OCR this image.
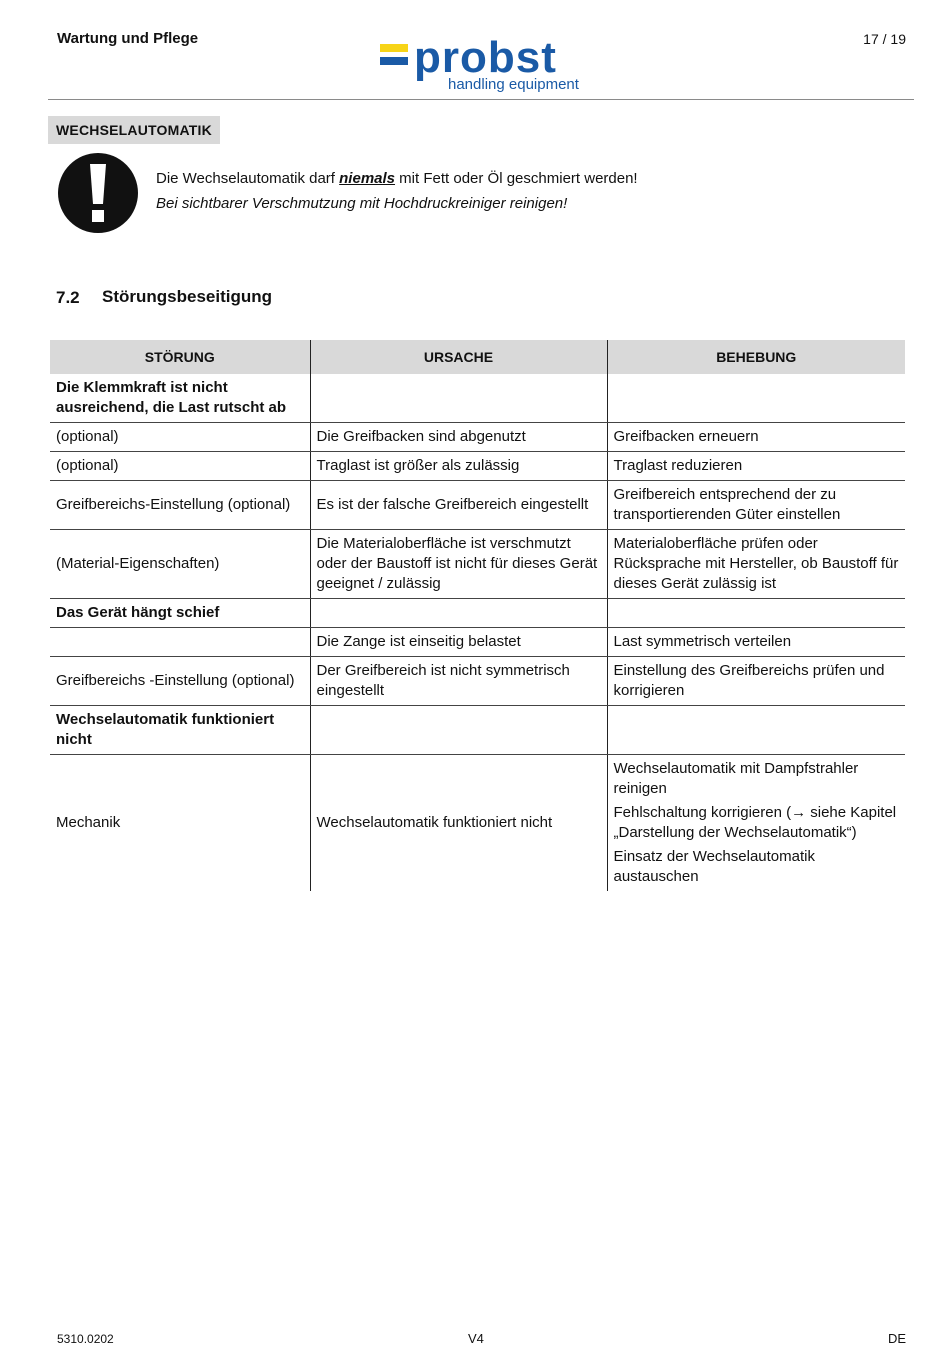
Wartung und Pflege	probst
handling equipment
17 / 19
WECHSELAUTOMATIK
Die Wechselautomatik darf niemals mit Fett oder Öl geschmiert werden!
Bei sichtbarer Verschmutzung mit Hochdruckreiniger reinigen!
7.2 Störungsbeseitigung
STÖRUNG	URSACHE	BEHEBUNG
Die Klemmkraft ist nicht ausreichend, die Last rutscht ab		
(optional)	Die Greifbacken sind abgenutzt	Greifbacken erneuern

(optional)	Traglast ist größer als zulässig	Traglast reduzieren

Greifbereichs-Einstellung (optional)	Es ist der falsche Greifbereich eingestellt	Greifbereich entsprechend der zu transportierenden Güter einstellen

(Material-Eigenschaften)	Die Materialoberfläche ist verschmutzt oder der Baustoff ist nicht für dieses Gerät geeignet / zulässig	Materialoberfläche prüfen oder Rücksprache mit Hersteller, ob Baustoff für dieses Gerät zulässig ist

Das Gerät hängt schief		
	Die Zange ist einseitig belastet	Last symmetrisch verteilen

Greifbereichs -Einstellung (optional)	Der Greifbereich ist nicht symmetrisch eingestellt	Einstellung des Greifbereichs prüfen und korrigieren

Wechselautomatik funktioniert nicht		
Mechanik	Wechselautomatik funktioniert nicht	Wechselautomatik mit Dampfstrahler reinigen
Fehlschaltung korrigieren (→ siehe Kapitel „Darstellung der Wechselautomatik“)
Einsatz der Wechselautomatik austauschen
5310.0202	V4	DE
